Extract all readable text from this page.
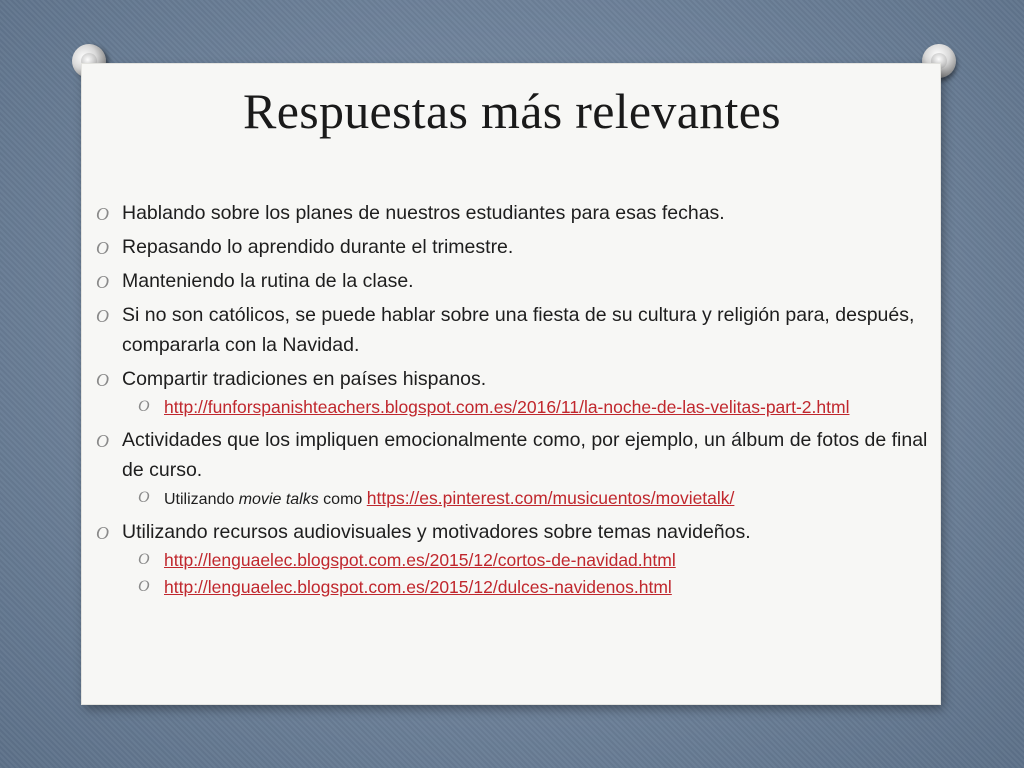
Respuestas más relevantes
O Hablando sobre los planes de nuestros estudiantes para esas fechas.
O Repasando lo aprendido durante el trimestre.
O Manteniendo la rutina de la clase.
O Si no son católicos, se puede hablar sobre una fiesta de su cultura y religión para, después, compararla con la Navidad.
O Compartir tradiciones en países hispanos.
O http://funforspanishteachers.blogspot.com.es/2016/11/la-noche-de-las-velitas-part-2.html
O Actividades que los impliquen emocionalmente como, por ejemplo, un álbum de fotos de final de curso.
O Utilizando movie talks como https://es.pinterest.com/musicuentos/movietalk/
O Utilizando recursos audiovisuales y motivadores sobre temas navideños.
O http://lenguaelec.blogspot.com.es/2015/12/cortos-de-navidad.html
O http://lenguaelec.blogspot.com.es/2015/12/dulces-navidenos.html
